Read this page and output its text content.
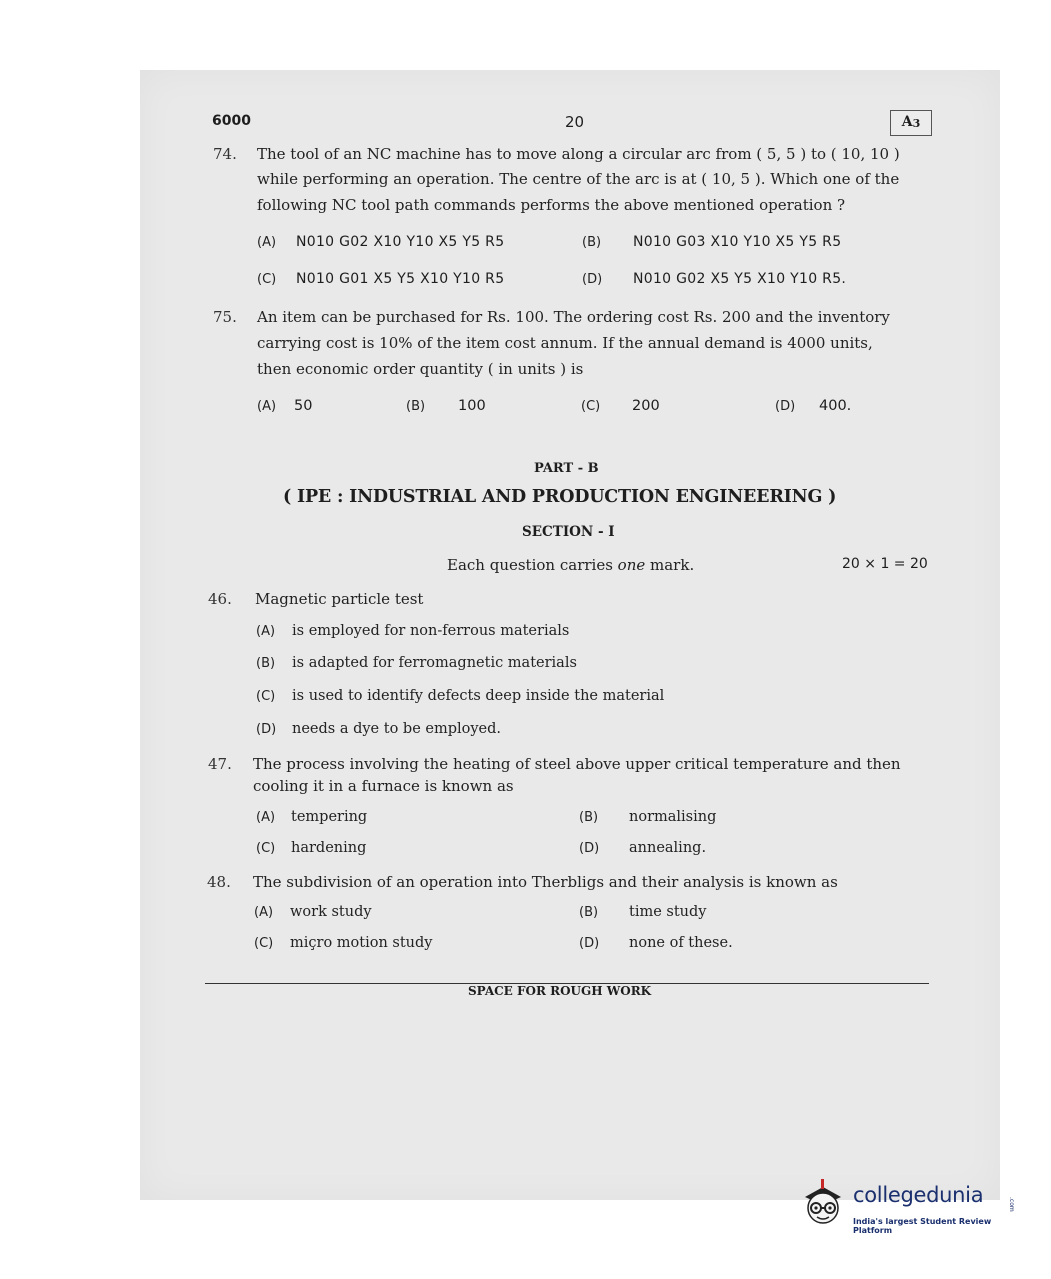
6000	20	$A_3$
74. The tool of an NC machine has to move along a circular arc from ( 5, 5 ) to ( 10, 10 )
while performing an operation. The centre of the arc is at ( 10, 5 ). Which one of the
following NC tool path commands performs the above mentioned operation ?
(A) N010 G02 X10 Y10 X5 Y5 R5	(B) N010 G03 X10 Y10 X5 Y5 R5
(C) N010 G01 X5 Y5 X10 Y10 R5	(D) N010 G02 X5 Y5 X10 Y10 R5.
75. An item can be purchased for Rs. 100. The ordering cost Rs. 200 and the inventory
carrying cost is 10% of the item cost annum. If the annual demand is 4000 units,
then economic order quantity ( in units ) is
(A) 50	(B) 100	(C) 200	(D) 400.
PART - B
( IPE : INDUSTRIAL AND PRODUCTION ENGINEERING )
SECTION - I
Each question carries one mark.	20 × 1 = 20
46. Magnetic particle test
(A) is employed for non-ferrous materials
(B) is adapted for ferromagnetic materials
(C) is used to identify defects deep inside the material
(D) needs a dye to be employed.
47. The process involving the heating of steel above upper critical temperature and then
cooling it in a furnace is known as
(A) tempering	(B) normalising
(C) hardening	(D) annealing.
48. The subdivision of an operation into Therbligs and their analysis is known as
(A) work study	(B) time study
(C) miçro motion study	(D) none of these.
SPACE FOR ROUGH WORK
collegedunia	.com
India's largest Student Review Platform
